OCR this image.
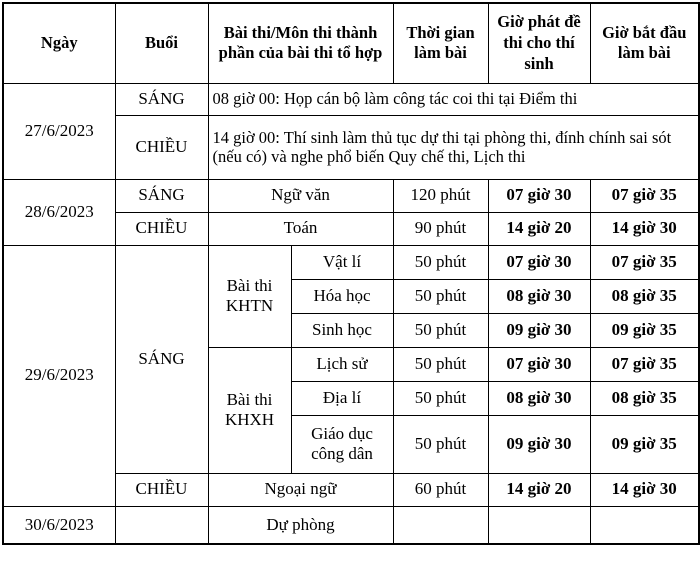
Ngày	Buổi	Bài thi/Môn thi thành phần của bài thi tổ hợp		Thời gian làm bài	Giờ phát đề thi cho thí sinh	Giờ bắt đầu làm bài
27/6/2023	SÁNG	08 giờ 00: Họp cán bộ làm công tác coi thi tại Điểm thi				
	CHIỀU	14 giờ 00: Thí sinh làm thủ tục dự thi tại phòng thi, đính chính sai sót (nếu có) và nghe phổ biến Quy chế thi, Lịch thi				
28/6/2023	SÁNG	Ngữ văn		120 phút	07 giờ 30	07 giờ 35
	CHIỀU	Toán		90 phút	14 giờ 20	14 giờ 30
29/6/2023	SÁNG	Bài thi KHTN	Vật lí	50 phút	07 giờ 30	07 giờ 35
			Hóa học	50 phút	08 giờ 30	08 giờ 35
			Sinh học	50 phút	09 giờ 30	09 giờ 35
		Bài thi KHXH	Lịch sử	50 phút	07 giờ 30	07 giờ 35
			Địa lí	50 phút	08 giờ 30	08 giờ 35
			Giáo dục công dân	50 phút	09 giờ 30	09 giờ 35
	CHIỀU	Ngoại ngữ		60 phút	14 giờ 20	14 giờ 30
30/6/2023		Dự phòng				
